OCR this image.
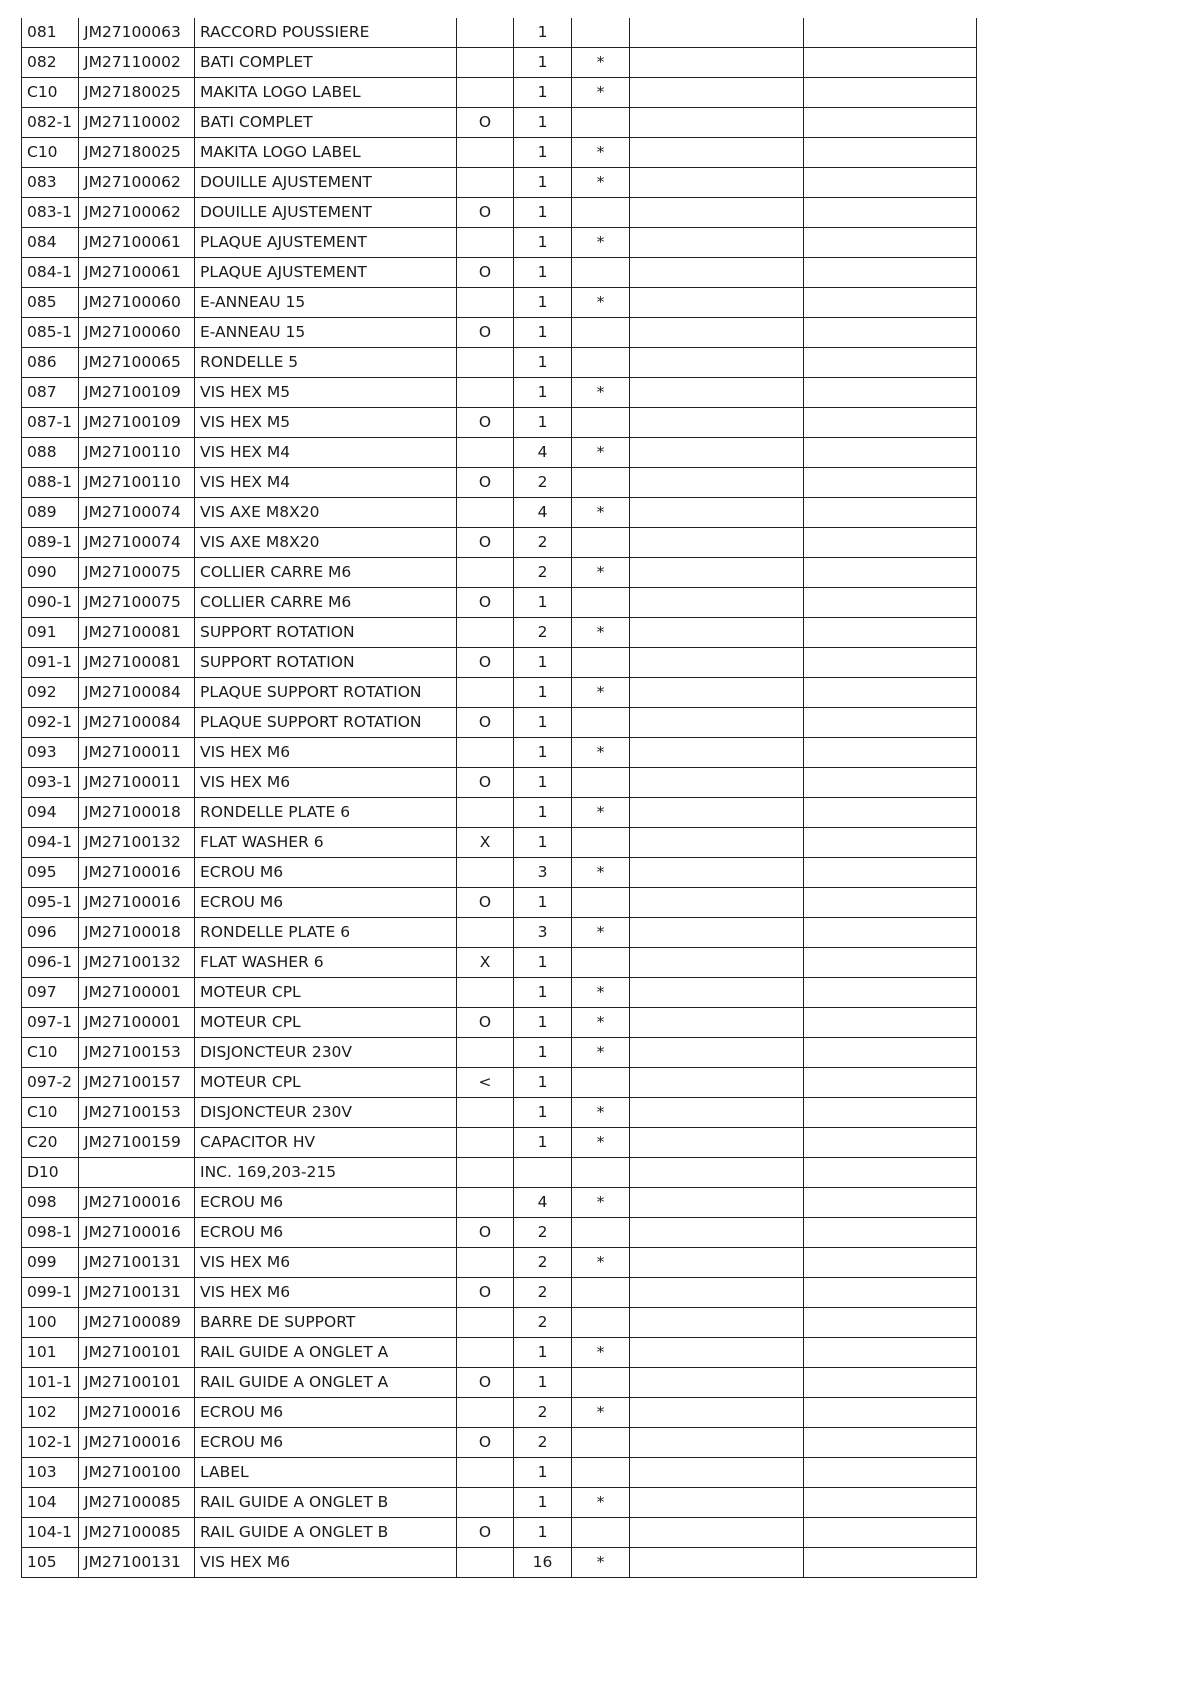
081	JM27100063	RACCORD POUSSIERE		1			
082	JM27110002	BATI COMPLET		1	*		
C10	JM27180025	MAKITA LOGO LABEL		1	*		
082-1	JM27110002	BATI COMPLET	O	1			
C10	JM27180025	MAKITA LOGO LABEL		1	*		
083	JM27100062	DOUILLE AJUSTEMENT		1	*		
083-1	JM27100062	DOUILLE AJUSTEMENT	O	1			
084	JM27100061	PLAQUE AJUSTEMENT		1	*		
084-1	JM27100061	PLAQUE AJUSTEMENT	O	1			
085	JM27100060	E-ANNEAU 15		1	*		
085-1	JM27100060	E-ANNEAU 15	O	1			
086	JM27100065	RONDELLE 5		1			
087	JM27100109	VIS HEX M5		1	*		
087-1	JM27100109	VIS HEX M5	O	1			
088	JM27100110	VIS HEX M4		4	*		
088-1	JM27100110	VIS HEX M4	O	2			
089	JM27100074	VIS AXE M8X20		4	*		
089-1	JM27100074	VIS AXE M8X20	O	2			
090	JM27100075	COLLIER CARRE M6		2	*		
090-1	JM27100075	COLLIER CARRE M6	O	1			
091	JM27100081	SUPPORT ROTATION		2	*		
091-1	JM27100081	SUPPORT ROTATION	O	1			
092	JM27100084	PLAQUE SUPPORT ROTATION		1	*		
092-1	JM27100084	PLAQUE SUPPORT ROTATION	O	1			
093	JM27100011	VIS HEX M6		1	*		
093-1	JM27100011	VIS HEX M6	O	1			
094	JM27100018	RONDELLE PLATE 6		1	*		
094-1	JM27100132	FLAT WASHER 6	X	1			
095	JM27100016	ECROU M6		3	*		
095-1	JM27100016	ECROU M6	O	1			
096	JM27100018	RONDELLE PLATE 6		3	*		
096-1	JM27100132	FLAT WASHER 6	X	1			
097	JM27100001	MOTEUR CPL		1	*		
097-1	JM27100001	MOTEUR CPL	O	1	*		
C10	JM27100153	DISJONCTEUR 230V		1	*		
097-2	JM27100157	MOTEUR CPL	<	1			
C10	JM27100153	DISJONCTEUR 230V		1	*		
C20	JM27100159	CAPACITOR HV		1	*		
D10		INC. 169,203-215					
098	JM27100016	ECROU M6		4	*		
098-1	JM27100016	ECROU M6	O	2			
099	JM27100131	VIS HEX M6		2	*		
099-1	JM27100131	VIS HEX M6	O	2			
100	JM27100089	BARRE DE SUPPORT		2			
101	JM27100101	RAIL GUIDE A ONGLET A		1	*		
101-1	JM27100101	RAIL GUIDE A ONGLET A	O	1			
102	JM27100016	ECROU M6		2	*		
102-1	JM27100016	ECROU M6	O	2			
103	JM27100100	LABEL		1			
104	JM27100085	RAIL GUIDE A ONGLET B		1	*		
104-1	JM27100085	RAIL GUIDE A ONGLET B	O	1			
105	JM27100131	VIS HEX M6		16	*		
